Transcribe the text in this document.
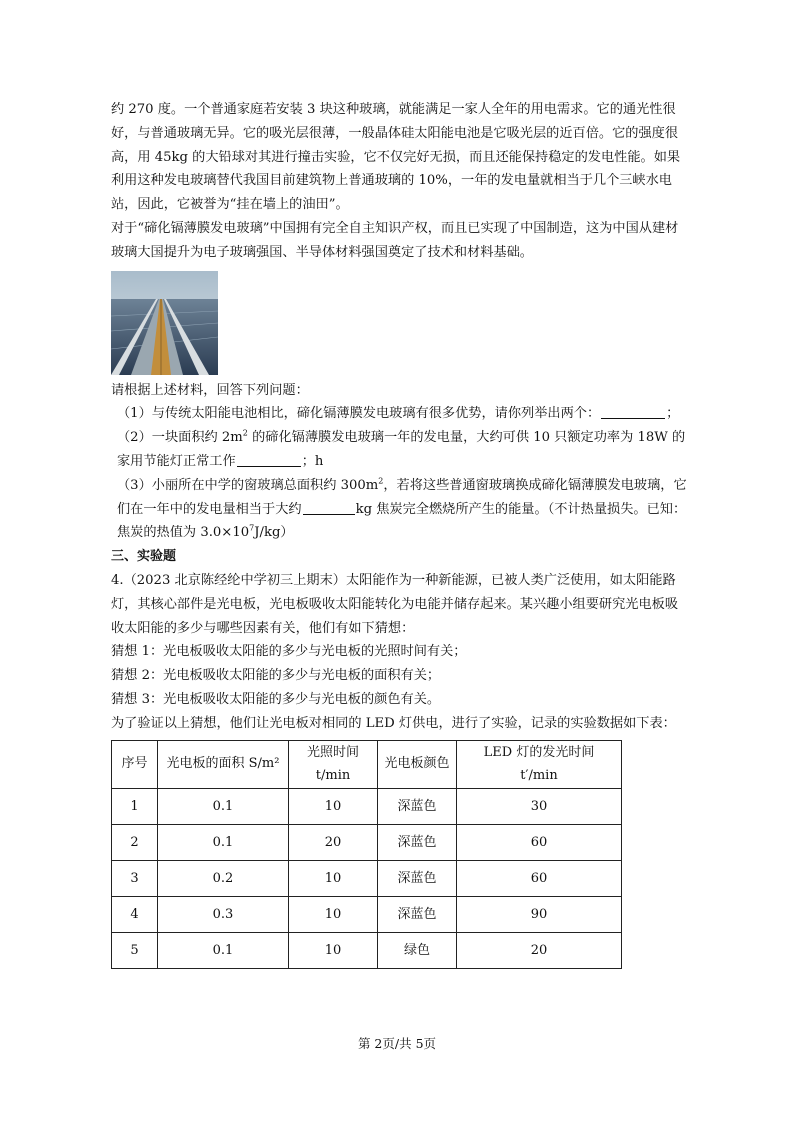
约 270 度。一个普通家庭若安装 3 块这种玻璃，就能满足一家人全年的用电需求。它的通光性很好，与普通玻璃无异。它的吸光层很薄，一般晶体硅太阳能电池是它吸光层的近百倍。它的强度很高，用 45kg 的大铅球对其进行撞击实验，它不仅完好无损，而且还能保持稳定的发电性能。如果利用这种发电玻璃替代我国目前建筑物上普通玻璃的 10%，一年的发电量就相当于几个三峡水电站，因此，它被誉为“挂在墙上的油田”。

对于“碲化镉薄膜发电玻璃”中国拥有完全自主知识产权，而且已实现了中国制造，这为中国从建材玻璃大国提升为电子玻璃强国、半导体材料强国奠定了技术和材料基础。

请根据上述材料，回答下列问题：

（1）与传统太阳能电池相比，碲化镉薄膜发电玻璃有很多优势，请你列举出两个：	；

（2）一块面积约 $2m^2$ 的碲化镉薄膜发电玻璃一年的发电量，大约可供 10 只额定功率为 18W 的家用节能灯正常工作	；h

（3）小丽所在中学的窗玻璃总面积约 $300m^2$，若将这些普通窗玻璃换成碲化镉薄膜发电玻璃，它们在一年中的发电量相当于大约	kg 焦炭完全燃烧所产生的能量。（不计热量损失。已知：焦炭的热值为 $3.0\times 10^7J/kg$）

三、实验题

4.（2023 北京陈经纶中学初三上期末）太阳能作为一种新能源，已被人类广泛使用，如太阳能路灯，其核心部件是光电板，光电板吸收太阳能转化为电能并储存起来。某兴趣小组要研究光电板吸收太阳能的多少与哪些因素有关，他们有如下猜想：

猜想 1：光电板吸收太阳能的多少与光电板的光照时间有关；

猜想 2：光电板吸收太阳能的多少与光电板的面积有关；

猜想 3：光电板吸收太阳能的多少与光电板的颜色有关。

为了验证以上猜想，他们让光电板对相同的 LED 灯供电，进行了实验，记录的实验数据如下表：

序号	光电板的面积 S/m²	光照时间 t/min	光电板颜色	LED 灯的发光时间 t′/min
1	0.1	10	深蓝色	30
2	0.1	20	深蓝色	60
3	0.2	10	深蓝色	60
4	0.3	10	深蓝色	90
5	0.1	10	绿色	20
第 2页/共 5页
